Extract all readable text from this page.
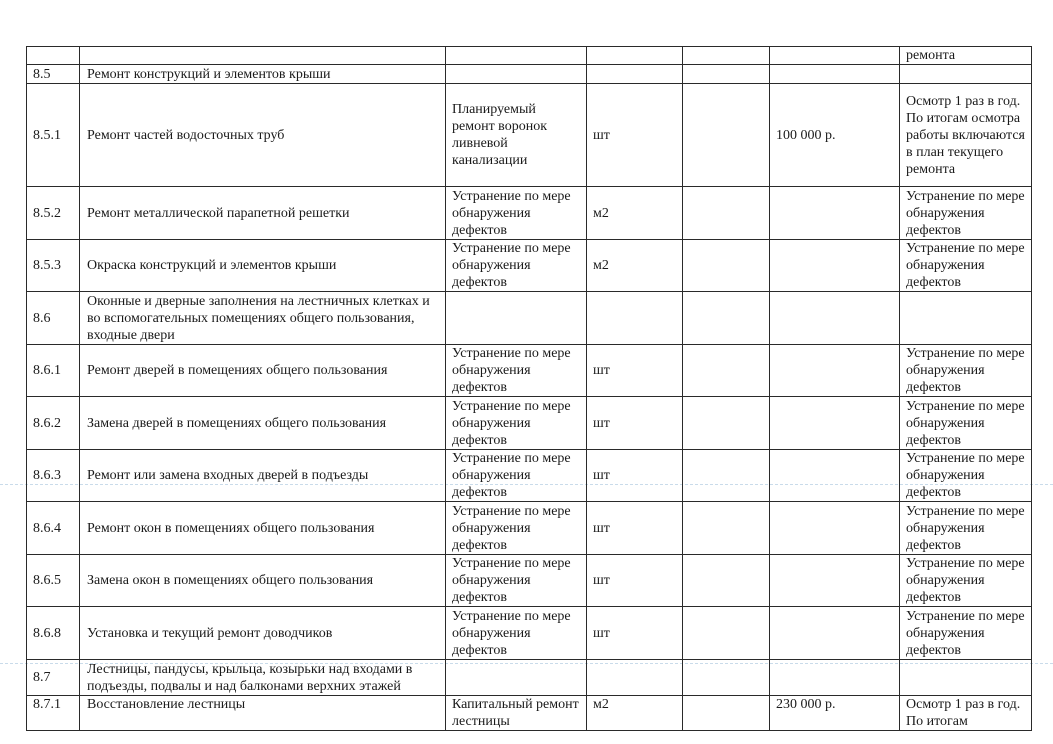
						ремонта
8.5	Ремонт конструкций и элементов крыши					
8.5.1	Ремонт частей водосточных труб	Планируемый ремонт воронок ливневой канализации	шт		100 000 р.	Осмотр 1 раз в год. По итогам осмотра работы включаются в план текущего ремонта
8.5.2	Ремонт металлической парапетной решетки	Устранение по мере обнаружения дефектов	м2			Устранение по мере обнаружения дефектов
8.5.3	Окраска конструкций и элементов крыши	Устранение по мере обнаружения дефектов	м2			Устранение по мере обнаружения дефектов
8.6	Оконные и дверные заполнения на лестничных клетках и во вспомогательных помещениях общего пользования, входные двери					
8.6.1	Ремонт дверей в помещениях общего пользования	Устранение по мере обнаружения дефектов	шт			Устранение по мере обнаружения дефектов
8.6.2	Замена дверей в помещениях общего пользования	Устранение по мере обнаружения дефектов	шт			Устранение по мере обнаружения дефектов
8.6.3	Ремонт или замена входных дверей в подъезды	Устранение по мере обнаружения дефектов	шт			Устранение по мере обнаружения дефектов
8.6.4	Ремонт окон в помещениях общего пользования	Устранение по мере обнаружения дефектов	шт			Устранение по мере обнаружения дефектов
8.6.5	Замена окон в помещениях общего пользования	Устранение по мере обнаружения дефектов	шт			Устранение по мере обнаружения дефектов
8.6.8	Установка и текущий ремонт доводчиков	Устранение по мере обнаружения дефектов	шт			Устранение по мере обнаружения дефектов
8.7	Лестницы, пандусы, крыльца, козырьки над входами в подъезды, подвалы и над балконами верхних этажей					
8.7.1	Восстановление лестницы	Капитальный ремонт лестницы	м2		230 000 р.	Осмотр 1 раз в год. По итогам
